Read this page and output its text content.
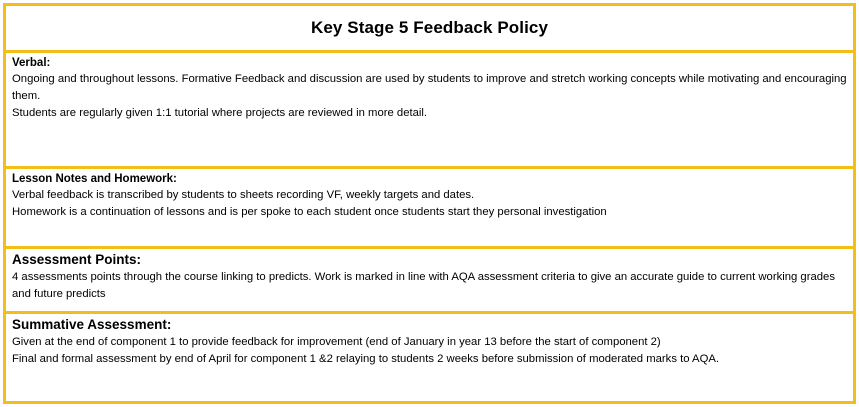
Key Stage 5 Feedback Policy

Verbal:

Ongoing and throughout lessons. Formative Feedback and discussion are used by students to improve and stretch working concepts while motivating and encouraging them.

Students are regularly given 1:1 tutorial where projects are reviewed in more detail.

Lesson Notes and Homework:

Verbal feedback is transcribed by students to sheets recording VF, weekly targets and dates.

Homework is a continuation of lessons and is per spoke to each student once students start they personal investigation

Assessment Points:

4 assessments points through the course linking to predicts. Work is marked in line with AQA assessment criteria to give an accurate guide to current working grades and future predicts

Summative Assessment:

Given at the end of component 1 to provide feedback for improvement (end of January in year 13 before the start of component 2)

Final and formal assessment by end of April for component 1 &2 relaying to students 2 weeks before submission of moderated marks to AQA.
